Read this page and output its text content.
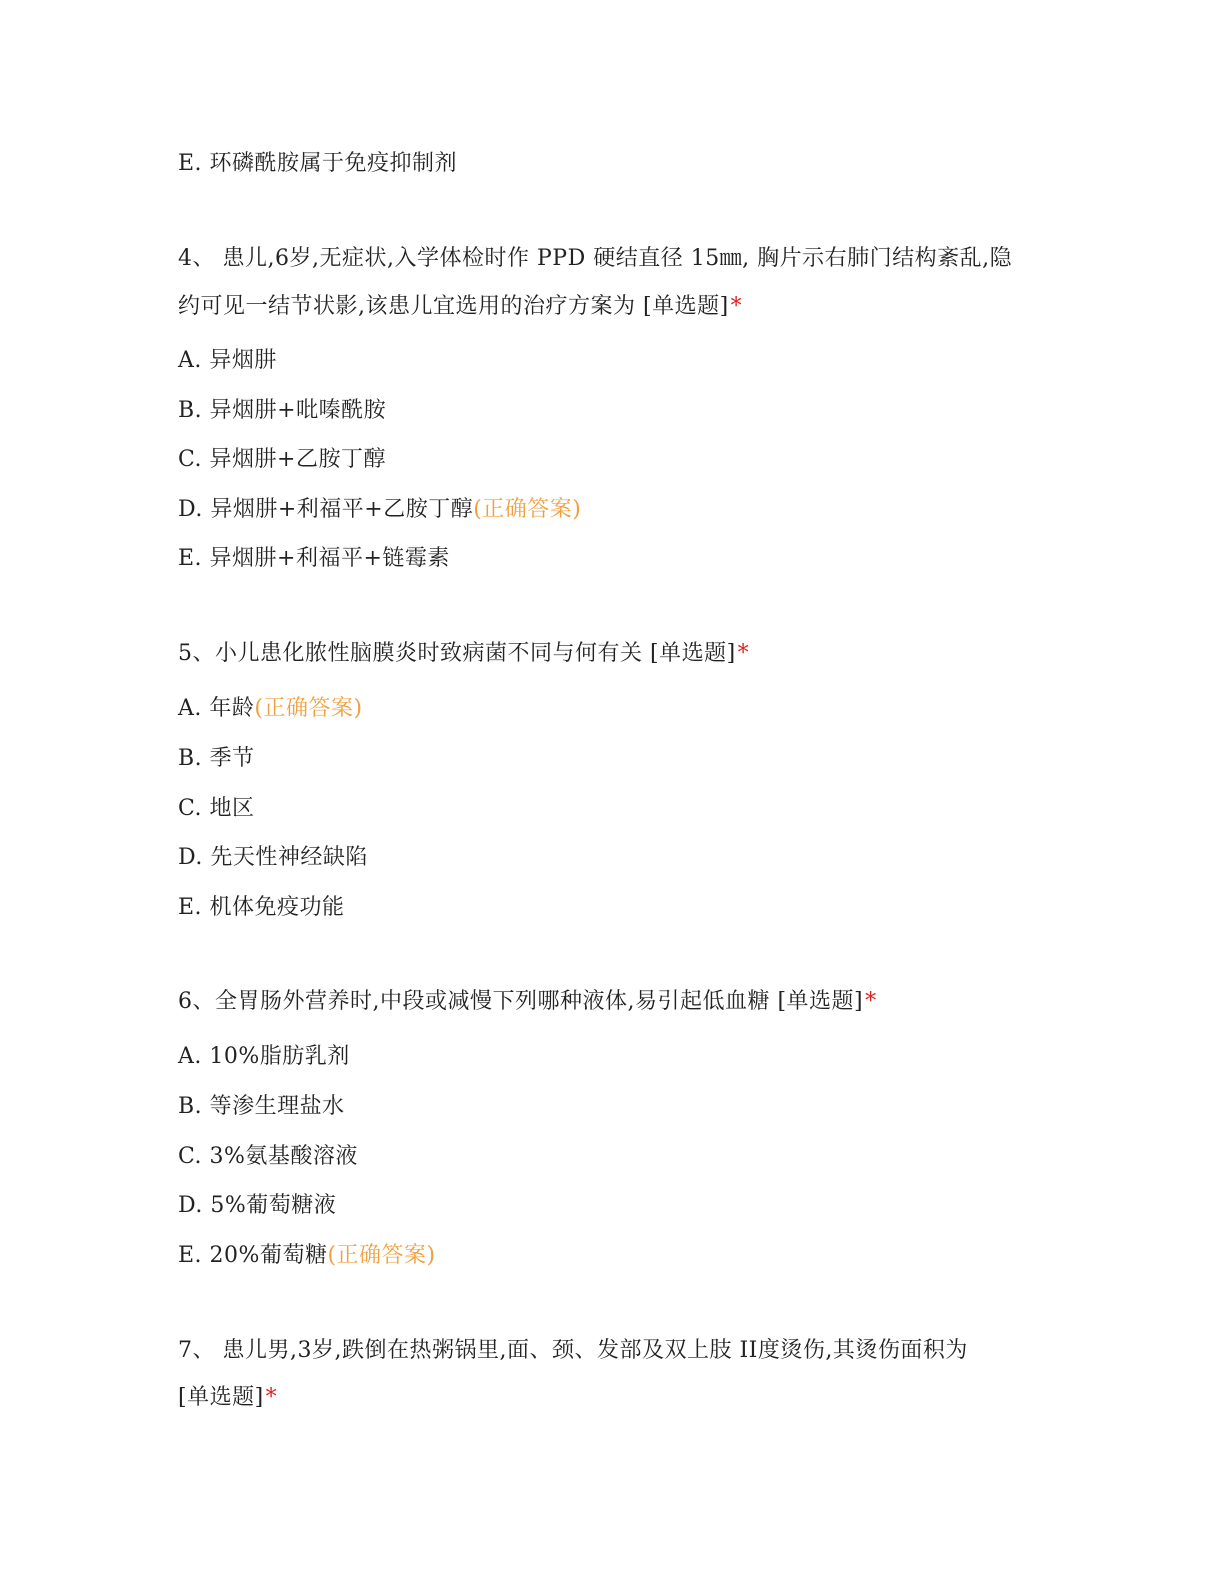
E. 环磷酰胺属于免疫抑制剂
4、 患儿,6岁,无症状,入学体检时作 PPD 硬结直径 15㎜, 胸片示右肺门结构紊乱,隐
约可见一结节状影,该患儿宜选用的治疗方案为 [单选题]*
A. 异烟肼
B. 异烟肼+吡嗪酰胺
C. 异烟肼+乙胺丁醇
D. 异烟肼+利福平+乙胺丁醇(正确答案)
E. 异烟肼+利福平+链霉素
5、小儿患化脓性脑膜炎时致病菌不同与何有关 [单选题]*
A. 年龄(正确答案)
B. 季节
C. 地区
D. 先天性神经缺陷
E. 机体免疫功能
6、全胃肠外营养时,中段或减慢下列哪种液体,易引起低血糖 [单选题]*
A. 10%脂肪乳剂
B. 等渗生理盐水
C. 3%氨基酸溶液
D. 5%葡萄糖液
E. 20%葡萄糖(正确答案)
7、 患儿男,3岁,跌倒在热粥锅里,面、颈、发部及双上肢 II度烫伤,其烫伤面积为
[单选题]*
